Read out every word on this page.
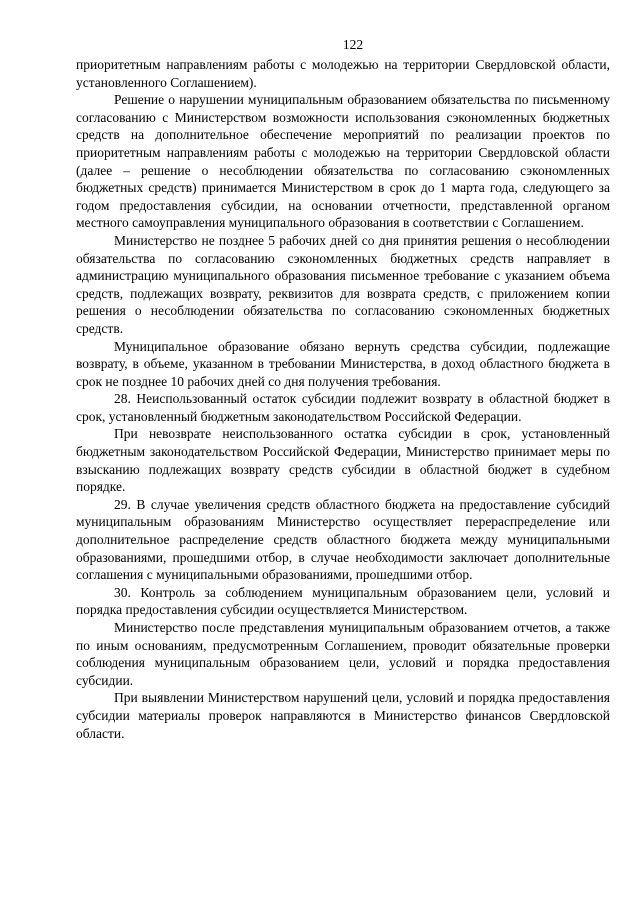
122

приоритетным направлениям работы с молодежью на территории Свердловской области, установленного Соглашением).

Решение о нарушении муниципальным образованием обязательства по письменному согласованию с Министерством возможности использования сэкономленных бюджетных средств на дополнительное обеспечение мероприятий по реализации проектов по приоритетным направлениям работы с молодежью на территории Свердловской области (далее – решение о несоблюдении обязательства по согласованию сэкономленных бюджетных средств) принимается Министерством в срок до 1 марта года, следующего за годом предоставления субсидии, на основании отчетности, представленной органом местного самоуправления муниципального образования в соответствии с Соглашением.

Министерство не позднее 5 рабочих дней со дня принятия решения о несоблюдении обязательства по согласованию сэкономленных бюджетных средств направляет в администрацию муниципального образования письменное требование с указанием объема средств, подлежащих возврату, реквизитов для возврата средств, с приложением копии решения о несоблюдении обязательства по согласованию сэкономленных бюджетных средств.

Муниципальное образование обязано вернуть средства субсидии, подлежащие возврату, в объеме, указанном в требовании Министерства, в доход областного бюджета в срок не позднее 10 рабочих дней со дня получения требования.

28. Неиспользованный остаток субсидии подлежит возврату в областной бюджет в срок, установленный бюджетным законодательством Российской Федерации.

При невозврате неиспользованного остатка субсидии в срок, установленный бюджетным законодательством Российской Федерации, Министерство принимает меры по взысканию подлежащих возврату средств субсидии в областной бюджет в судебном порядке.

29. В случае увеличения средств областного бюджета на предоставление субсидий муниципальным образованиям Министерство осуществляет перераспределение или дополнительное распределение средств областного бюджета между муниципальными образованиями, прошедшими отбор, в случае необходимости заключает дополнительные соглашения с муниципальными образованиями, прошедшими отбор.

30. Контроль за соблюдением муниципальным образованием цели, условий и порядка предоставления субсидии осуществляется Министерством.

Министерство после представления муниципальным образованием отчетов, а также по иным основаниям, предусмотренным Соглашением, проводит обязательные проверки соблюдения муниципальным образованием цели, условий и порядка предоставления субсидии.

При выявлении Министерством нарушений цели, условий и порядка предоставления субсидии материалы проверок направляются в Министерство финансов Свердловской области.
